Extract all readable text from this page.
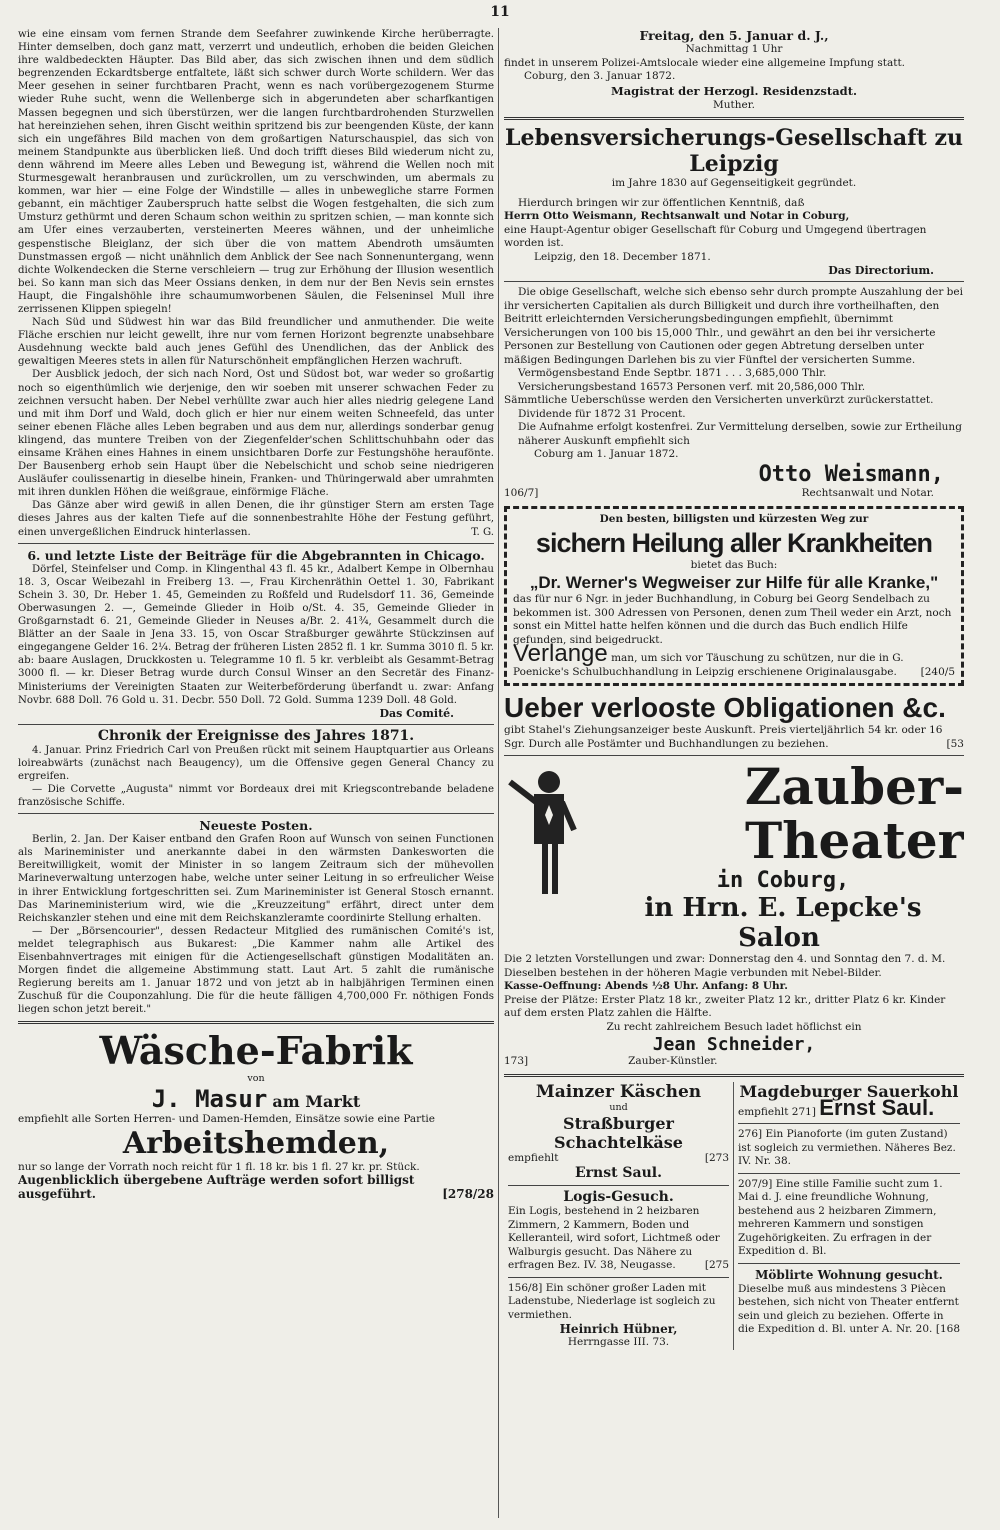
11

wie eine einsam vom fernen Strande dem Seefahrer zuwinkende Kirche herüberragte. Hinter demselben, doch ganz matt, verzerrt und undeutlich, erhoben die beiden Gleichen ihre waldbedeckten Häupter. Das Bild aber, das sich zwischen ihnen und dem südlich begrenzenden Eckardtsberge entfaltete, läßt sich schwer durch Worte schildern. Wer das Meer gesehen in seiner furchtbaren Pracht, wenn es nach vorübergezogenem Sturme wieder Ruhe sucht, wenn die Wellenberge sich in abgerundeten aber scharfkantigen Massen begegnen und sich überstürzen, wer die langen furchtbardrohenden Sturzwellen hat hereinziehen sehen, ihren Gischt weithin spritzend bis zur beengenden Küste, der kann sich ein ungefähres Bild machen von dem großartigen Naturschauspiel, das sich von meinem Standpunkte aus überblicken ließ. Und doch trifft dieses Bild wiederum nicht zu, denn während im Meere alles Leben und Bewegung ist, während die Wellen noch mit Sturmesgewalt heranbrausen und zurückrollen, um zu verschwinden, um abermals zu kommen, war hier — eine Folge der Windstille — alles in unbewegliche starre Formen gebannt, ein mächtiger Zauberspruch hatte selbst die Wogen festgehalten, die sich zum Umsturz gethürmt und deren Schaum schon weithin zu spritzen schien, — man konnte sich am Ufer eines verzauberten, versteinerten Meeres wähnen, und der unheimliche gespenstische Bleiglanz, der sich über die von mattem Abendroth umsäumten Dunstmassen ergoß — nicht unähnlich dem Anblick der See nach Sonnenuntergang, wenn dichte Wolkendecken die Sterne verschleiern — trug zur Erhöhung der Illusion wesentlich bei. So kann man sich das Meer Ossians denken, in dem nur der Ben Nevis sein ernstes Haupt, die Fingalshöhle ihre schaumumworbenen Säulen, die Felseninsel Mull ihre zerrissenen Klippen spiegeln!

Nach Süd und Südwest hin war das Bild freundlicher und anmuthender. Die weite Fläche erschien nur leicht gewellt, ihre nur vom fernen Horizont begrenzte unabsehbare Ausdehnung weckte bald auch jenes Gefühl des Unendlichen, das der Anblick des gewaltigen Meeres stets in allen für Naturschönheit empfänglichen Herzen wachruft.

Der Ausblick jedoch, der sich nach Nord, Ost und Südost bot, war weder so großartig noch so eigenthümlich wie derjenige, den wir soeben mit unserer schwachen Feder zu zeichnen versucht haben. Der Nebel verhüllte zwar auch hier alles niedrig gelegene Land und mit ihm Dorf und Wald, doch glich er hier nur einem weiten Schneefeld, das unter seiner ebenen Fläche alles Leben begraben und aus dem nur, allerdings sonderbar genug klingend, das muntere Treiben von der Ziegenfelder'schen Schlittschuhbahn oder das einsame Krähen eines Hahnes in einem unsichtbaren Dorfe zur Festungshöhe heraufönte. Der Bausenberg erhob sein Haupt über die Nebelschicht und schob seine niedrigeren Ausläufer coulissenartig in dieselbe hinein, Franken- und Thüringerwald aber umrahmten mit ihren dunklen Höhen die weißgraue, einförmige Fläche.

Das Gänze aber wird gewiß in allen Denen, die ihr günstiger Stern am ersten Tage dieses Jahres aus der kalten Tiefe auf die sonnenbestrahlte Höhe der Festung geführt, einen unvergeßlichen Eindruck hinterlassen.	T. G.

6. und letzte Liste der Beiträge für die Abgebrannten in Chicago.

Dörfel, Steinfelser und Comp. in Klingenthal 43 fl. 45 kr., Adalbert Kempe in Olbernhau 18. 3, Oscar Weibezahl in Freiberg 13. —, Frau Kirchenräthin Oettel 1. 30, Fabrikant Schein 3. 30, Dr. Heber 1. 45, Gemeinden zu Roßfeld und Rudelsdorf 11. 36, Gemeinde Oberwasungen 2. —, Gemeinde Glieder in Hoib o/St. 4. 35, Gemeinde Glieder in Großgarnstadt 6. 21, Gemeinde Glieder in Neuses a/Br. 2. 41¾, Gesammelt durch die Blätter an der Saale in Jena 33. 15, von Oscar Straßburger gewährte Stückzinsen auf eingegangene Gelder 16. 2¼. Betrag der früheren Listen 2852 fl. 1 kr. Summa 3010 fl. 5 kr. ab: baare Auslagen, Druckkosten u. Telegramme 10 fl. 5 kr. verbleibt als Gesammt-Betrag 3000 fl. — kr. Dieser Betrag wurde durch Consul Winser an den Secretär des Finanz-Ministeriums der Vereinigten Staaten zur Weiterbeförderung überfandt u. zwar: Anfang Novbr. 688 Doll. 76 Gold u. 31. Decbr. 550 Doll. 72 Gold. Summa 1239 Doll. 48 Gold.

Das Comité.

Chronik der Ereignisse des Jahres 1871.

4. Januar. Prinz Friedrich Carl von Preußen rückt mit seinem Hauptquartier aus Orleans loireabwärts (zunächst nach Beaugency), um die Offensive gegen General Chancy zu ergreifen.

— Die Corvette „Augusta" nimmt vor Bordeaux drei mit Kriegscontrebande beladene französische Schiffe.

Neueste Posten.

Berlin, 2. Jan. Der Kaiser entband den Grafen Roon auf Wunsch von seinen Functionen als Marineminister und anerkannte dabei in den wärmsten Dankesworten die Bereitwilligkeit, womit der Minister in so langem Zeitraum sich der mühevollen Marineverwaltung unterzogen habe, welche unter seiner Leitung in so erfreulicher Weise in ihrer Entwicklung fortgeschritten sei. Zum Marineminister ist General Stosch ernannt. Das Marineministerium wird, wie die „Kreuzzeitung" erfährt, direct unter dem Reichskanzler stehen und eine mit dem Reichskanzleramte coordinirte Stellung erhalten.

— Der „Börsencourier", dessen Redacteur Mitglied des rumänischen Comité's ist, meldet telegraphisch aus Bukarest: „Die Kammer nahm alle Artikel des Eisenbahnvertrages mit einigen für die Actiengesellschaft günstigen Modalitäten an. Morgen findet die allgemeine Abstimmung statt. Laut Art. 5 zahlt die rumänische Regierung bereits am 1. Januar 1872 und von jetzt ab in halbjährigen Terminen einen Zuschuß für die Couponzahlung. Die für die heute fälligen 4,700,000 Fr. nöthigen Fonds liegen schon jetzt bereit."

Wäsche-Fabrik

von

J. Masur am Markt

empfiehlt alle Sorten Herren- und Damen-Hemden, Einsätze sowie eine Partie

Arbeitshemden,

nur so lange der Vorrath noch reicht für 1 fl. 18 kr. bis 1 fl. 27 kr. pr. Stück.

Augenblicklich übergebene Aufträge werden sofort billigst ausgeführt.	[278/28

Freitag, den 5. Januar d. J.,

Nachmittag 1 Uhr

findet in unserem Polizei-Amtslocale wieder eine allgemeine Impfung statt.

Coburg, den 3. Januar 1872.

Magistrat der Herzogl. Residenzstadt.

Muther.

Lebensversicherungs-Gesellschaft zu Leipzig

im Jahre 1830 auf Gegenseitigkeit gegründet.

Hierdurch bringen wir zur öffentlichen Kenntniß, daß

Herrn Otto Weismann, Rechtsanwalt und Notar in Coburg,

eine Haupt-Agentur obiger Gesellschaft für Coburg und Umgegend übertragen worden ist.

Leipzig, den 18. December 1871.

Das Directorium.

Die obige Gesellschaft, welche sich ebenso sehr durch prompte Auszahlung der bei ihr versicherten Capitalien als durch Billigkeit und durch ihre vortheilhaften, den Beitritt erleichternden Versicherungsbedingungen empfiehlt, übernimmt Versicherungen von 100 bis 15,000 Thlr., und gewährt an den bei ihr versicherte Personen zur Bestellung von Cautionen oder gegen Abtretung derselben unter mäßigen Bedingungen Darlehen bis zu vier Fünftel der versicherten Summe.

Vermögensbestand Ende Septbr. 1871 . . . 3,685,000 Thlr.

Versicherungsbestand 16573 Personen verf. mit 20,586,000 Thlr.

Sämmtliche Ueberschüsse werden den Versicherten unverkürzt zurückerstattet.

Dividende für 1872 31 Procent.

Die Aufnahme erfolgt kostenfrei. Zur Vermittelung derselben, sowie zur Ertheilung näherer Auskunft empfiehlt sich

Coburg am 1. Januar 1872.

Otto Weismann,

106/7]	Rechtsanwalt und Notar.

Den besten, billigsten und kürzesten Weg zur

sichern Heilung aller Krankheiten

bietet das Buch:

„Dr. Werner's Wegweiser zur Hilfe für alle Kranke,"

das für nur 6 Ngr. in jeder Buchhandlung, in Coburg bei Georg Sendelbach zu bekommen ist. 300 Adressen von Personen, denen zum Theil weder ein Arzt, noch sonst ein Mittel hatte helfen können und die durch das Buch endlich Hilfe gefunden, sind beigedruckt.

Verlange man, um sich vor Täuschung zu schützen, nur die in G. Poenicke's Schulbuchhandlung in Leipzig erschienene Originalausgabe. [240/5

Ueber verlooste Obligationen &c.

gibt Stahel's Ziehungsanzeiger beste Auskunft. Preis vierteljährlich 54 kr. oder 16 Sgr. Durch alle Postämter und Buchhandlungen zu beziehen.	[53

Zauber-Theater

in Coburg,

in Hrn. E. Lepcke's Salon

Die 2 letzten Vorstellungen und zwar: Donnerstag den 4. und Sonntag den 7. d. M. Dieselben bestehen in der höheren Magie verbunden mit Nebel-Bilder.

Kasse-Oeffnung: Abends ½8 Uhr. Anfang: 8 Uhr.

Preise der Plätze: Erster Platz 18 kr., zweiter Platz 12 kr., dritter Platz 6 kr. Kinder auf dem ersten Platz zahlen die Hälfte.

Zu recht zahlreichem Besuch ladet höflichst ein

Jean Schneider,

173]	Zauber-Künstler.

Mainzer Käschen

und

Straßburger Schachtelkäse

empfiehlt	[273

Ernst Saul.

Logis-Gesuch.

Ein Logis, bestehend in 2 heizbaren Zimmern, 2 Kammern, Boden und Kelleranteil, wird sofort, Lichtmeß oder Walburgis gesucht. Das Nähere zu erfragen Bez. IV. 38, Neugasse.	[275

156/8] Ein schöner großer Laden mit Ladenstube, Niederlage ist sogleich zu vermiethen.

Heinrich Hübner,

Herrngasse III. 73.

Magdeburger Sauerkohl

empfiehlt 271] Ernst Saul.

276] Ein Pianoforte (im guten Zustand) ist sogleich zu vermiethen. Näheres Bez. IV. Nr. 38.

207/9] Eine stille Familie sucht zum 1. Mai d. J. eine freundliche Wohnung, bestehend aus 2 heizbaren Zimmern, mehreren Kammern und sonstigen Zugehörigkeiten. Zu erfragen in der Expedition d. Bl.

Möblirte Wohnung gesucht.

Dieselbe muß aus mindestens 3 Piècen bestehen, sich nicht von Theater entfernt sein und gleich zu beziehen. Offerte in die Expedition d. Bl. unter A. Nr. 20. [168
